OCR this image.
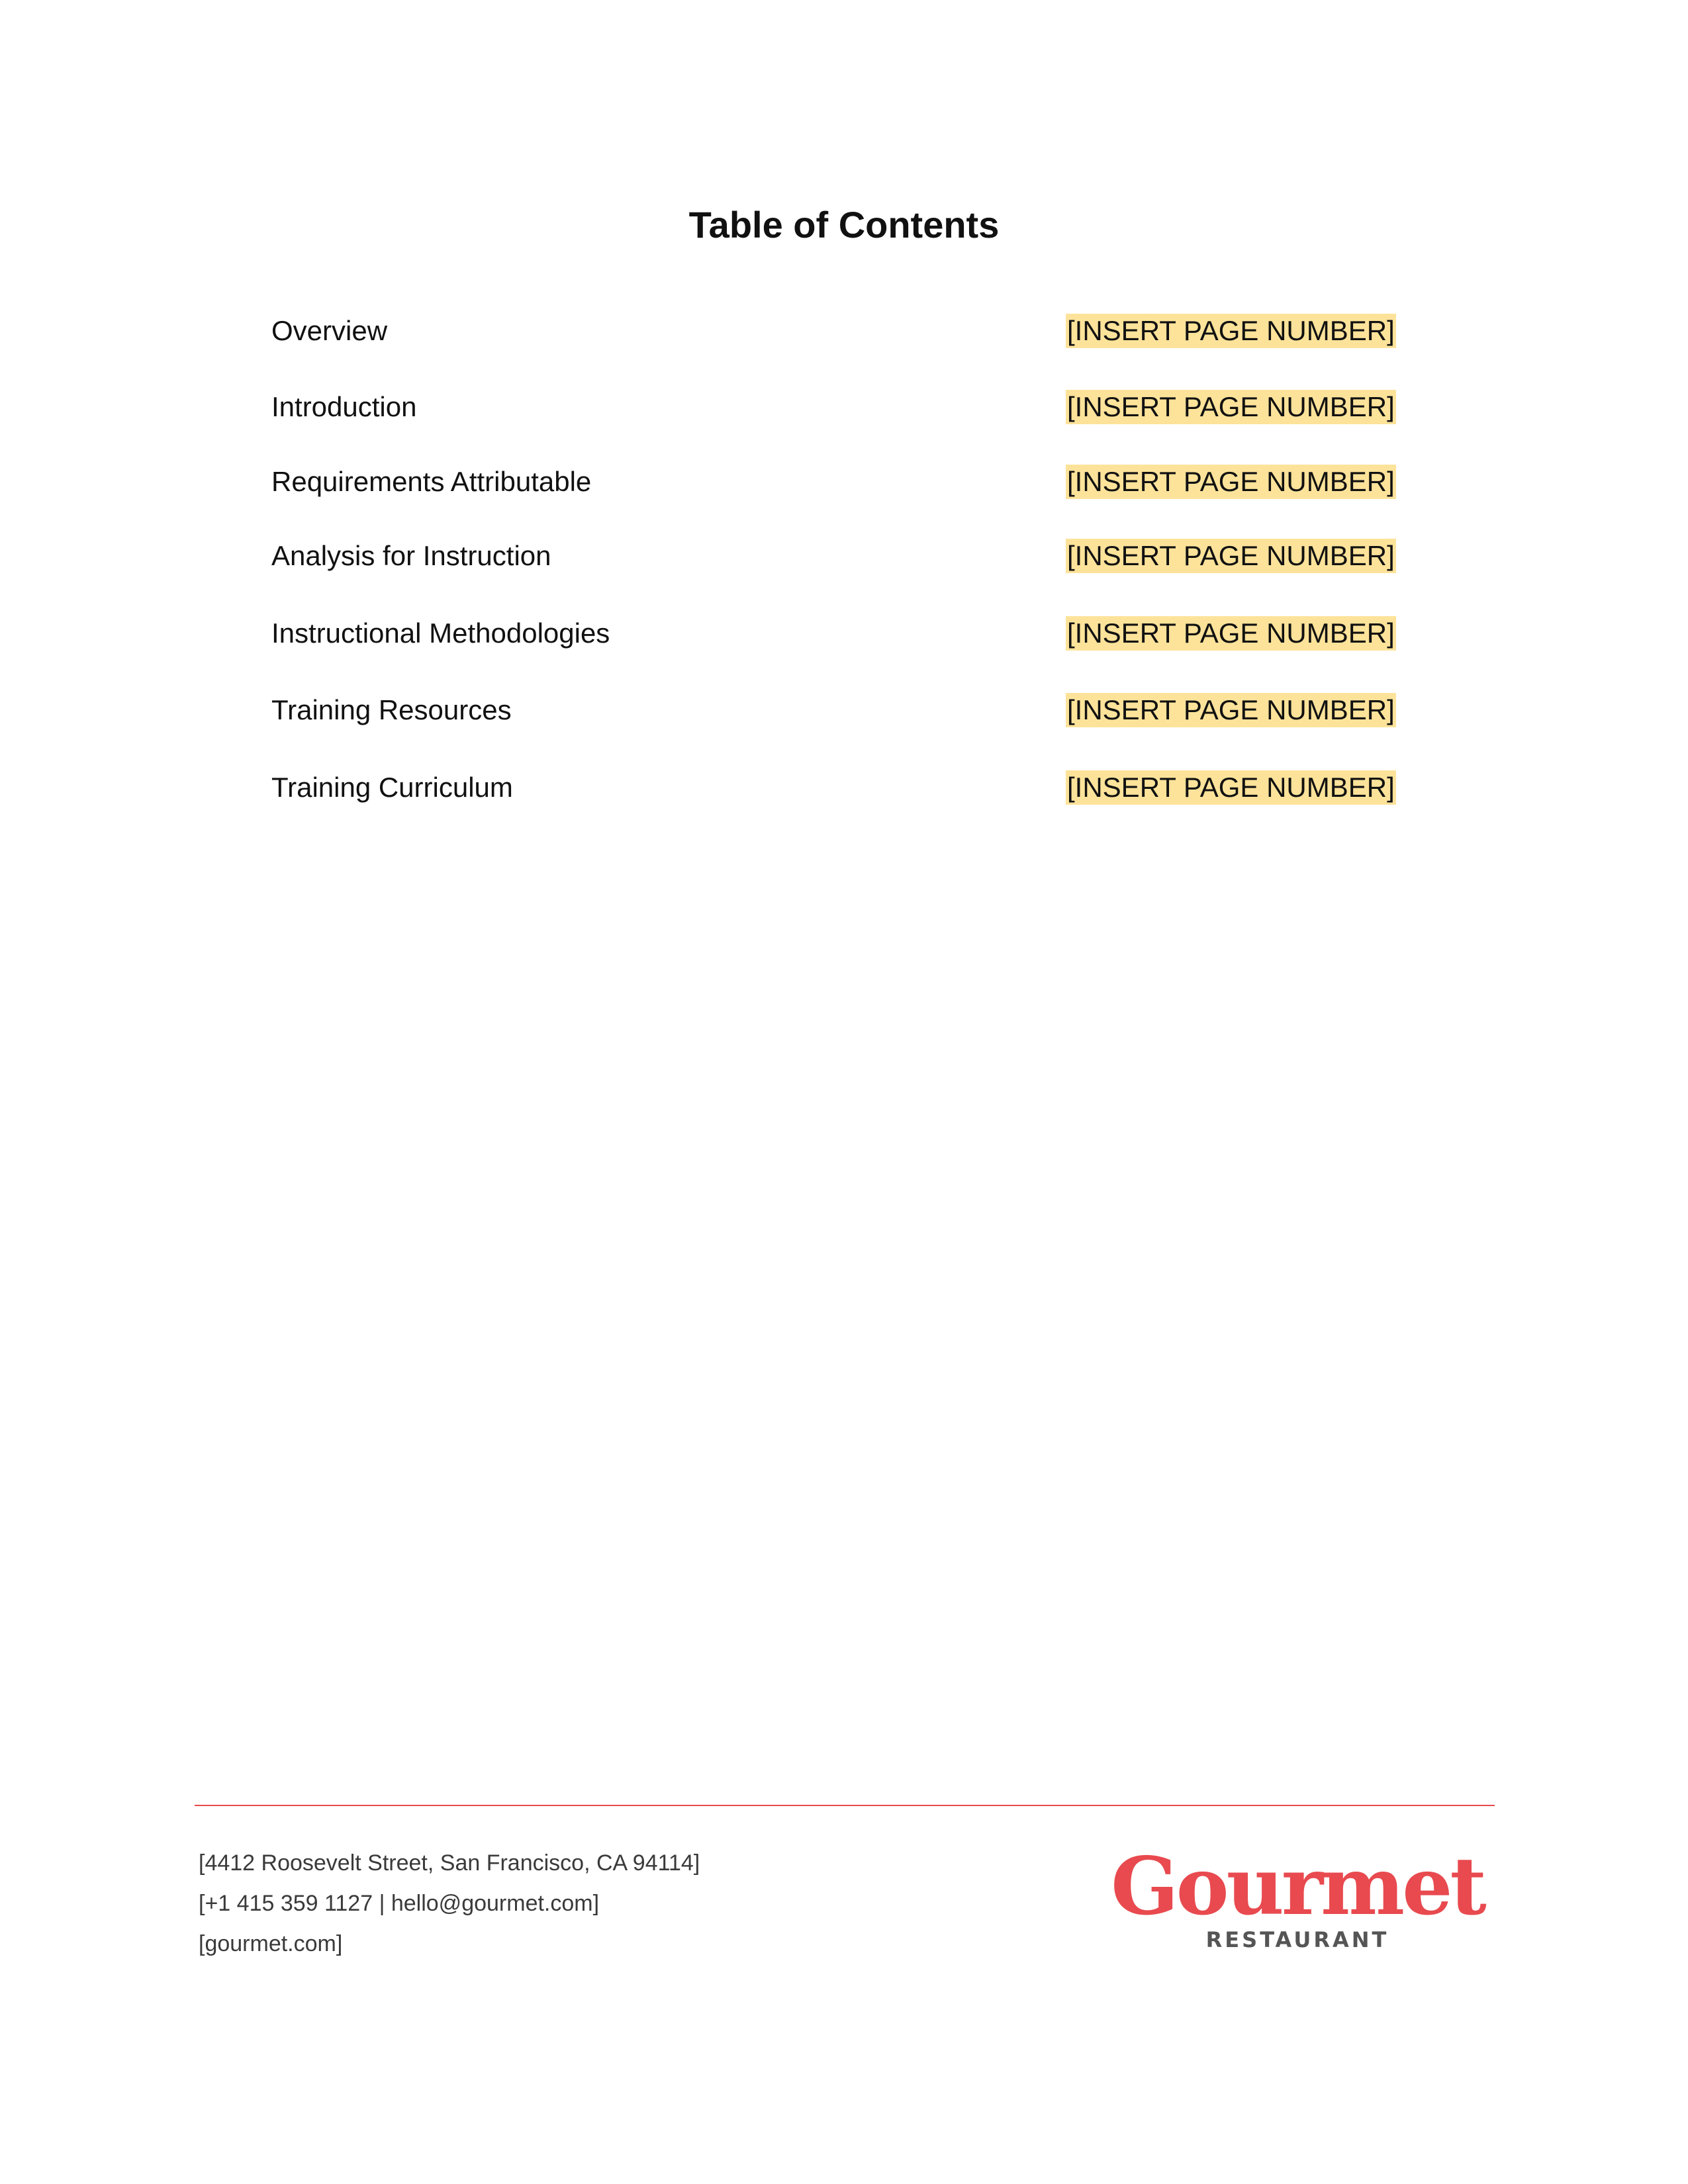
Table of Contents
Overview	[INSERT PAGE NUMBER]
Introduction	[INSERT PAGE NUMBER]
Requirements Attributable	[INSERT PAGE NUMBER]
Analysis for Instruction	[INSERT PAGE NUMBER]
Instructional Methodologies	[INSERT PAGE NUMBER]
Training Resources	[INSERT PAGE NUMBER]
Training Curriculum	[INSERT PAGE NUMBER]
[4412 Roosevelt Street, San Francisco, CA 94114]
[+1 415 359 1127 | hello@gourmet.com]
[gourmet.com]
Gourmet
RESTAURANT
